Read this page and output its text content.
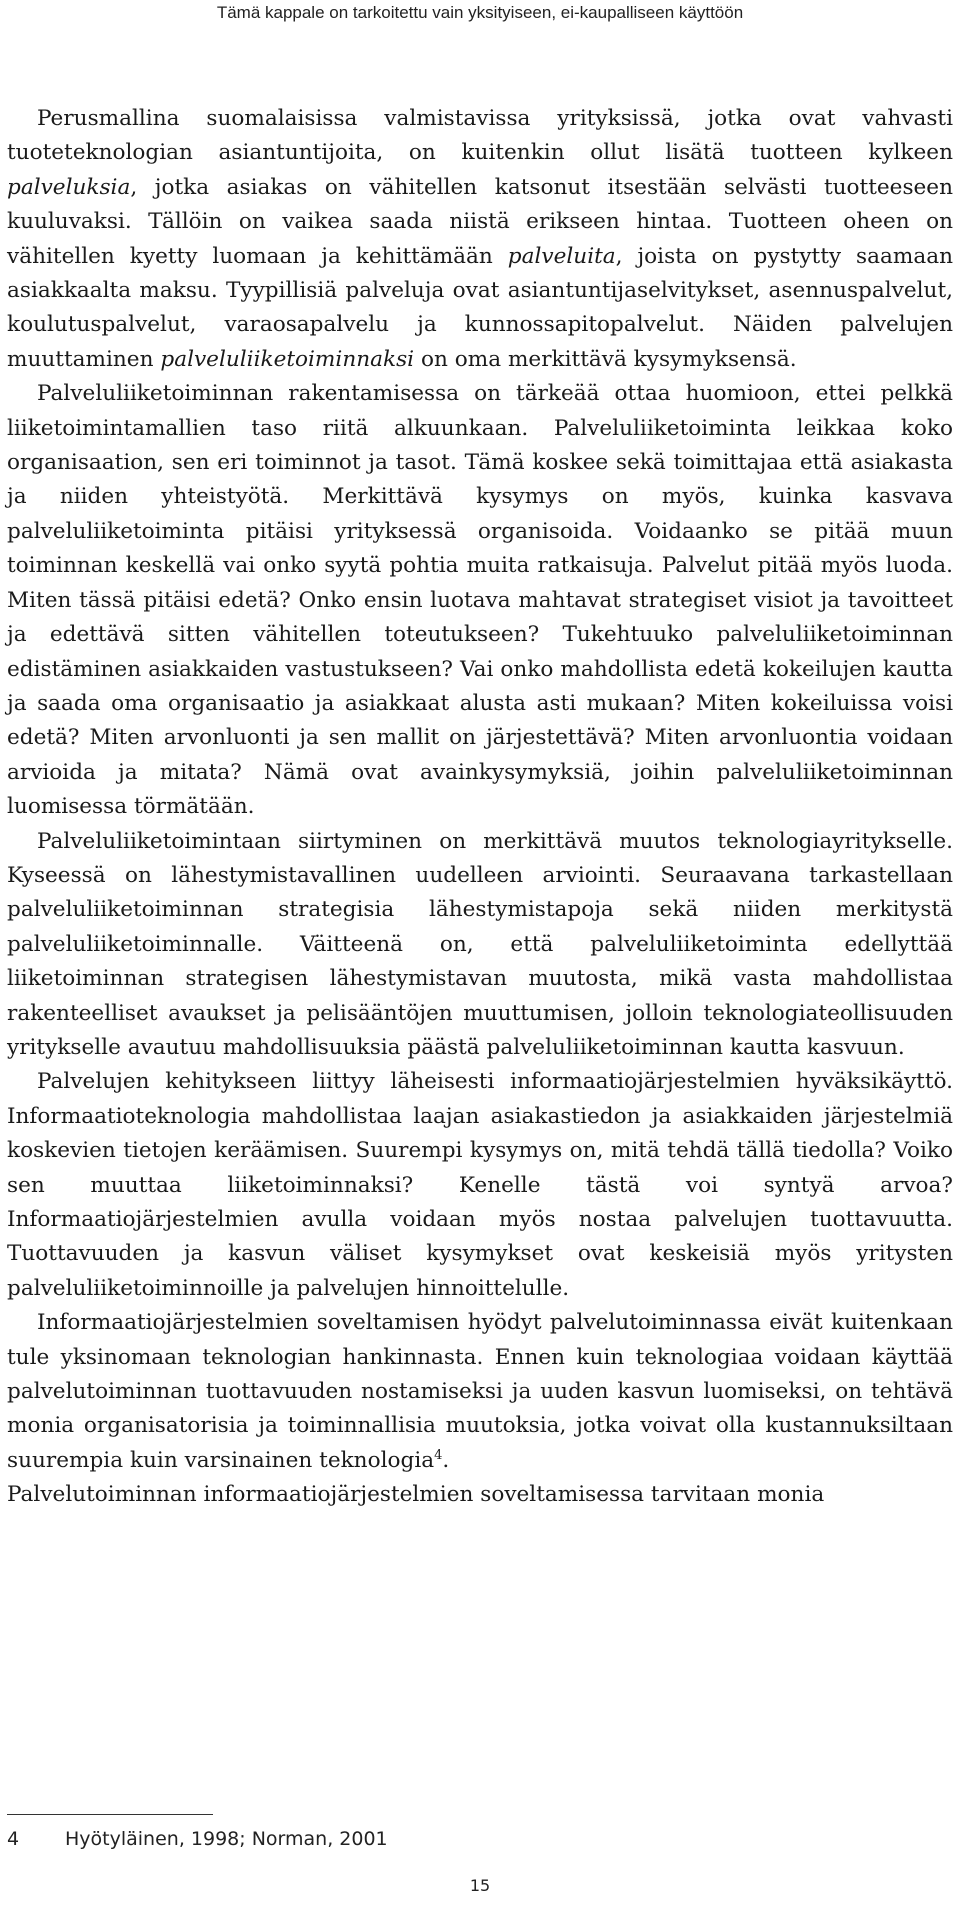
Tämä kappale on tarkoitettu vain yksityiseen, ei-kaupalliseen käyttöön

Perusmallina suomalaisissa valmistavissa yrityksissä, jotka ovat vahvasti tuoteteknologian asiantuntijoita, on kuitenkin ollut lisätä tuotteen kylkeen palveluksia, jotka asiakas on vähitellen katsonut itsestään selvästi tuotteeseen kuuluvaksi. Tällöin on vaikea saada niistä erikseen hintaa. Tuotteen oheen on vähitellen kyetty luomaan ja kehittämään palveluita, joista on pystytty saamaan asiakkaalta maksu. Tyypillisiä palveluja ovat asiantuntijaselvitykset, asennuspalvelut, koulutuspalvelut, varaosapalvelu ja kunnossapitopalvelut. Näiden palvelujen muuttaminen palveluliiketoiminnaksi on oma merkittävä kysymyksensä.

Palveluliiketoiminnan rakentamisessa on tärkeää ottaa huomioon, ettei pelkkä liiketoimintamallien taso riitä alkuunkaan. Palveluliiketoiminta leikkaa koko organisaation, sen eri toiminnot ja tasot. Tämä koskee sekä toimittajaa että asiakasta ja niiden yhteistyötä. Merkittävä kysymys on myös, kuinka kasvava palveluliiketoiminta pitäisi yrityksessä organisoida. Voidaanko se pitää muun toiminnan keskellä vai onko syytä pohtia muita ratkaisuja. Palvelut pitää myös luoda. Miten tässä pitäisi edetä? Onko ensin luotava mahtavat strategiset visiot ja tavoitteet ja edettävä sitten vähitellen toteutukseen? Tukehtuuko palveluliiketoiminnan edistäminen asiakkaiden vastustukseen? Vai onko mahdollista edetä kokeilujen kautta ja saada oma organisaatio ja asiakkaat alusta asti mukaan? Miten kokeiluissa voisi edetä? Miten arvonluonti ja sen mallit on järjestettävä? Miten arvonluontia voidaan arvioida ja mitata? Nämä ovat avainkysymyksiä, joihin palveluliiketoiminnan luomisessa törmätään.

Palveluliiketoimintaan siirtyminen on merkittävä muutos teknologiayritykselle. Kyseessä on lähestymistavallinen uudelleen arviointi. Seuraavana tarkastellaan palveluliiketoiminnan strategisia lähestymistapoja sekä niiden merkitystä palveluliiketoiminnalle. Väitteenä on, että palveluliiketoiminta edellyttää liiketoiminnan strategisen lähestymistavan muutosta, mikä vasta mahdollistaa rakenteelliset avaukset ja pelisääntöjen muuttumisen, jolloin teknologiateollisuuden yritykselle avautuu mahdollisuuksia päästä palveluliiketoiminnan kautta kasvuun.

Palvelujen kehitykseen liittyy läheisesti informaatiojärjestelmien hyväksikäyttö. Informaatioteknologia mahdollistaa laajan asiakastiedon ja asiakkaiden järjestelmiä koskevien tietojen keräämisen. Suurempi kysymys on, mitä tehdä tällä tiedolla? Voiko sen muuttaa liiketoiminnaksi? Kenelle tästä voi syntyä arvoa? Informaatiojärjestelmien avulla voidaan myös nostaa palvelujen tuottavuutta. Tuottavuuden ja kasvun väliset kysymykset ovat keskeisiä myös yritysten palveluliiketoiminnoille ja palvelujen hinnoittelulle.

Informaatiojärjestelmien soveltamisen hyödyt palvelutoiminnassa eivät kuitenkaan tule yksinomaan teknologian hankinnasta. Ennen kuin teknologiaa voidaan käyttää palvelutoiminnan tuottavuuden nostamiseksi ja uuden kasvun luomiseksi, on tehtävä monia organisatorisia ja toiminnallisia muutoksia, jotka voivat olla kustannuksiltaan suurempia kuin varsinainen teknologia$^4$.

Palvelutoiminnan informaatiojärjestelmien soveltamisessa tarvitaan monia

4 Hyötyläinen, 1998; Norman, 2001
15
